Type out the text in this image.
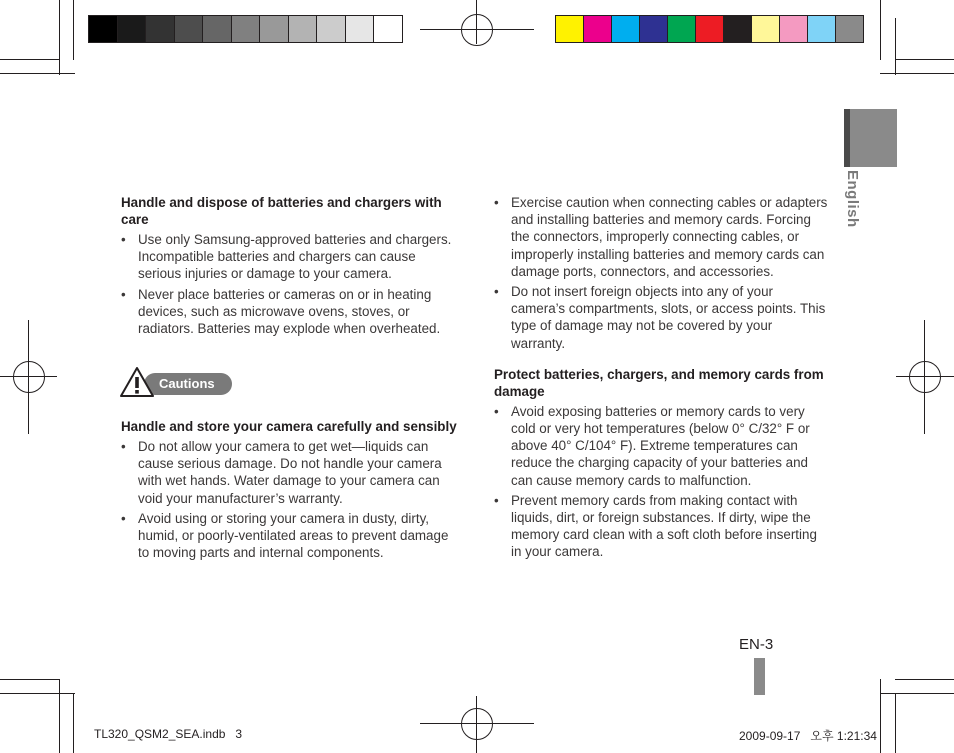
English
Handle and dispose of batteries and chargers with care
• Use only Samsung-approved batteries and chargers. Incompatible batteries and chargers can cause serious injuries or damage to your camera.
• Never place batteries or cameras on or in heating devices, such as microwave ovens, stoves, or radiators. Batteries may explode when overheated.
Cautions
Handle and store your camera carefully and sensibly
• Do not allow your camera to get wet—liquids can cause serious damage. Do not handle your camera with wet hands. Water damage to your camera can void your manufacturer’s warranty.
• Avoid using or storing your camera in dusty, dirty, humid, or poorly-ventilated areas to prevent damage to moving parts and internal components.
• Exercise caution when connecting cables or adapters and installing batteries and memory cards. Forcing the connectors, improperly connecting cables, or improperly installing batteries and memory cards can damage ports, connectors, and accessories.
• Do not insert foreign objects into any of your camera’s compartments, slots, or access points. This type of damage may not be covered by your warranty.
Protect batteries, chargers, and memory cards from damage
• Avoid exposing batteries or memory cards to very cold or very hot temperatures (below 0° C/32° F or above 40° C/104° F). Extreme temperatures can reduce the charging capacity of your batteries and can cause memory cards to malfunction.
• Prevent memory cards from making contact with liquids, dirt, or foreign substances. If dirty, wipe the memory card clean with a soft cloth before inserting in your camera.
EN-3
TL320_QSM2_SEA.indb   3	2009-09-17   오후 1:21:34
